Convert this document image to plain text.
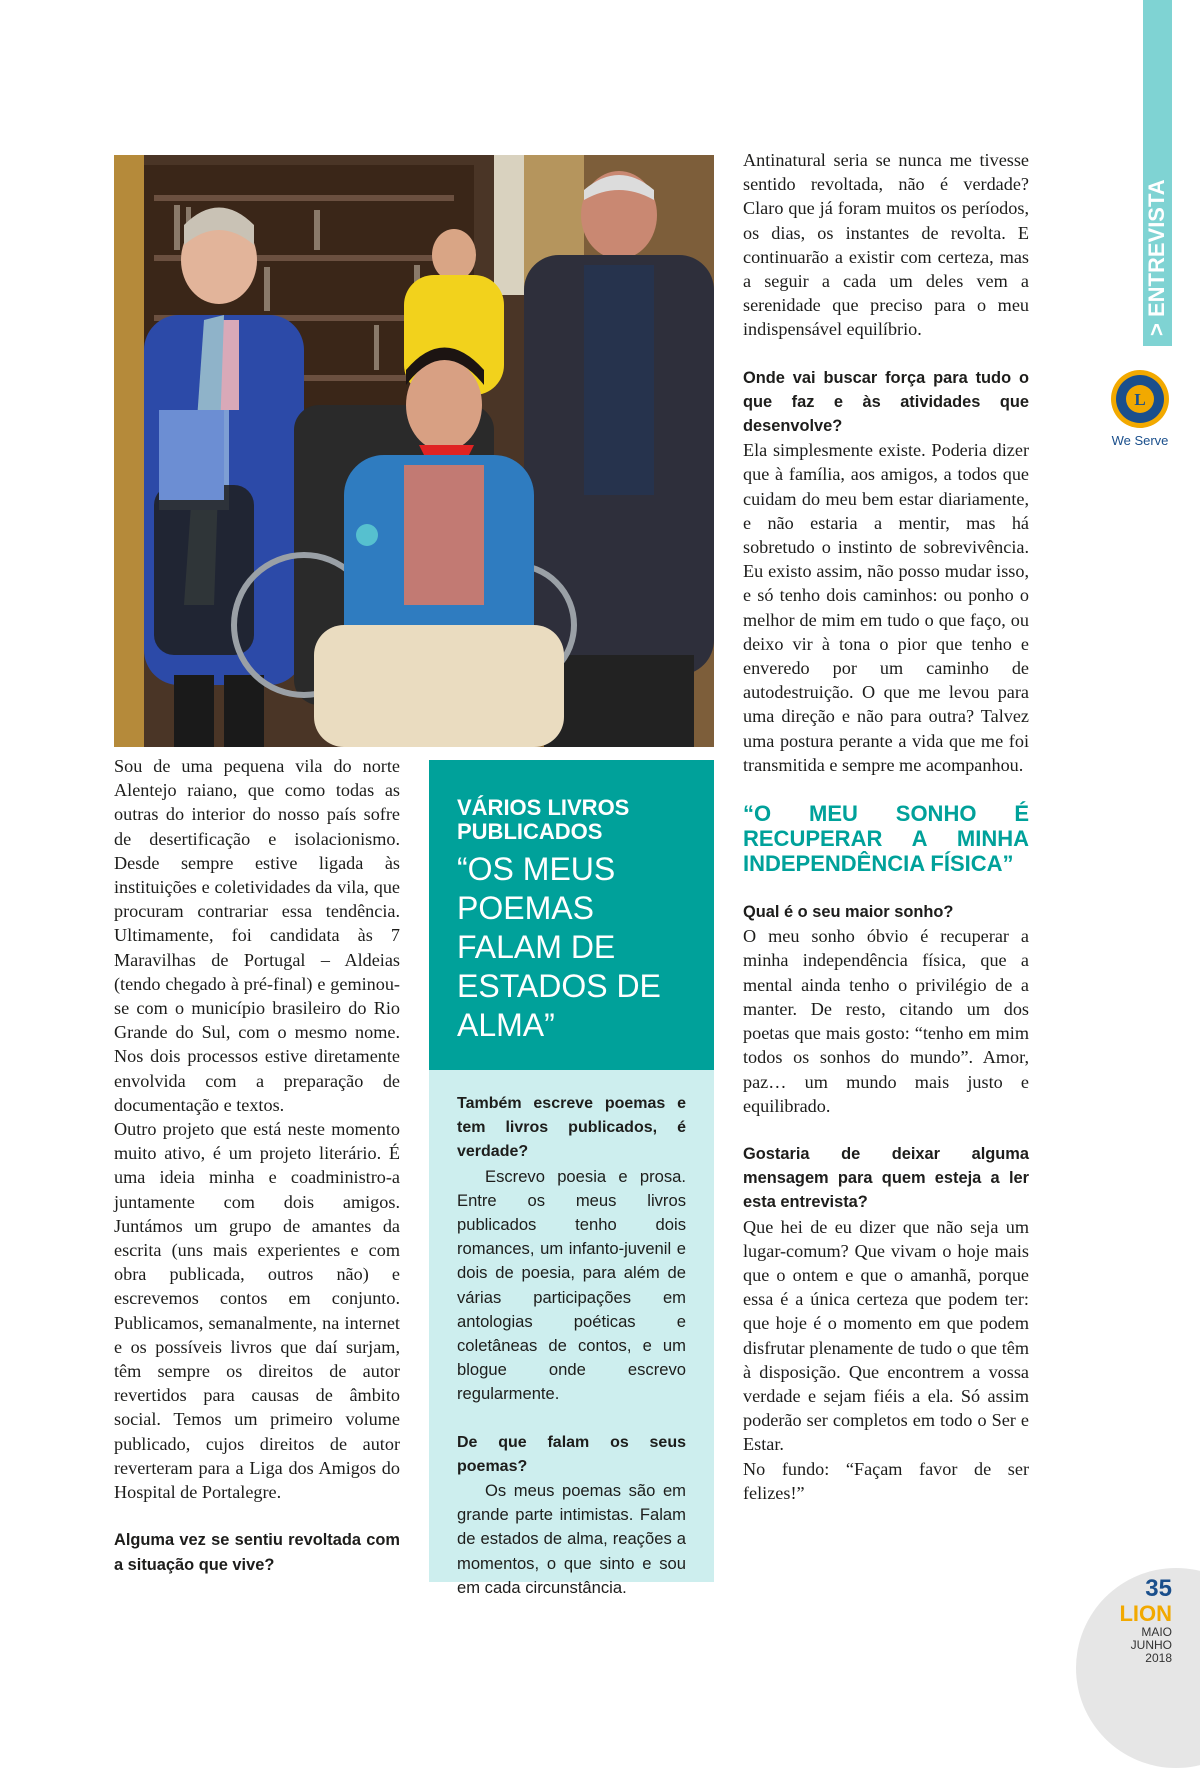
> ENTREVISTA
L
We Serve

Sou de uma pequena vila do norte Alentejo raiano, que como todas as outras do interior do nosso país sofre de desertificação e isolacionismo. Desde sempre estive ligada às instituições e coletividades da vila, que procuram contrariar essa tendência. Ultimamente, foi candidata às 7 Maravilhas de Portugal – Aldeias (tendo chegado à pré-final) e geminou-se com o município brasileiro do Rio Grande do Sul, com o mesmo nome. Nos dois processos estive diretamente envolvida com a preparação de documentação e textos.

Outro projeto que está neste momento muito ativo, é um projeto literário. É uma ideia minha e coadministro-a juntamente com dois amigos. Juntámos um grupo de amantes da escrita (uns mais experientes e com obra publicada, outros não) e escrevemos contos em conjunto. Publicamos, semanalmente, na internet e os possíveis livros que daí surjam, têm sempre os direitos de autor revertidos para causas de âmbito social. Temos um primeiro volume publicado, cujos direitos de autor reverteram para a Liga dos Amigos do Hospital de Portalegre.

Alguma vez se sentiu revoltada com a situação que vive?

VÁRIOS LIVROS PUBLICADOS
“OS MEUS POEMAS FALAM DE ESTADOS DE ALMA”

Também escreve poemas e tem livros publicados, é verdade?

Escrevo poesia e prosa. Entre os meus livros publicados tenho dois romances, um infanto-juvenil e dois de poesia, para além de várias participações em antologias poéticas e coletâneas de contos, e um blogue onde escrevo regularmente.

De que falam os seus poemas?

Os meus poemas são em grande parte intimistas. Falam de estados de alma, reações a momentos, o que sinto e sou em cada circunstância.

Antinatural seria se nunca me tivesse sentido revoltada, não é verdade? Claro que já foram muitos os períodos, os dias, os instantes de revolta. E continuarão a existir com certeza, mas a seguir a cada um deles vem a serenidade que preciso para o meu indispensável equilíbrio.

Onde vai buscar força para tudo o que faz e às atividades que desenvolve?

Ela simplesmente existe. Poderia dizer que à família, aos amigos, a todos que cuidam do meu bem estar diariamente, e não estaria a mentir, mas há sobretudo o instinto de sobrevivência. Eu existo assim, não posso mudar isso, e só tenho dois caminhos: ou ponho o melhor de mim em tudo o que faço, ou deixo vir à tona o pior que tenho e enveredo por um caminho de autodestruição. O que me levou para uma direção e não para outra? Talvez uma postura perante a vida que me foi transmitida e sempre me acompanhou.

“O MEU SONHO É RECUPERAR A MINHA INDEPENDÊNCIA FÍSICA”

Qual é o seu maior sonho?

O meu sonho óbvio é recuperar a minha independência física, que a mental ainda tenho o privilégio de a manter. De resto, citando um dos poetas que mais gosto: “tenho em mim todos os sonhos do mundo”. Amor, paz… um mundo mais justo e equilibrado.

Gostaria de deixar alguma mensagem para quem esteja a ler esta entrevista?

Que hei de eu dizer que não seja um lugar-comum? Que vivam o hoje mais que o ontem e que o amanhã, porque essa é a única certeza que podem ter: que hoje é o momento em que podem disfrutar plenamente de tudo o que têm à disposição. Que encontrem a vossa verdade e sejam fiéis a ela. Só assim poderão ser completos em todo o Ser e Estar.

No fundo: “Façam favor de ser felizes!”

35
LION
MAIO
JUNHO
2018
